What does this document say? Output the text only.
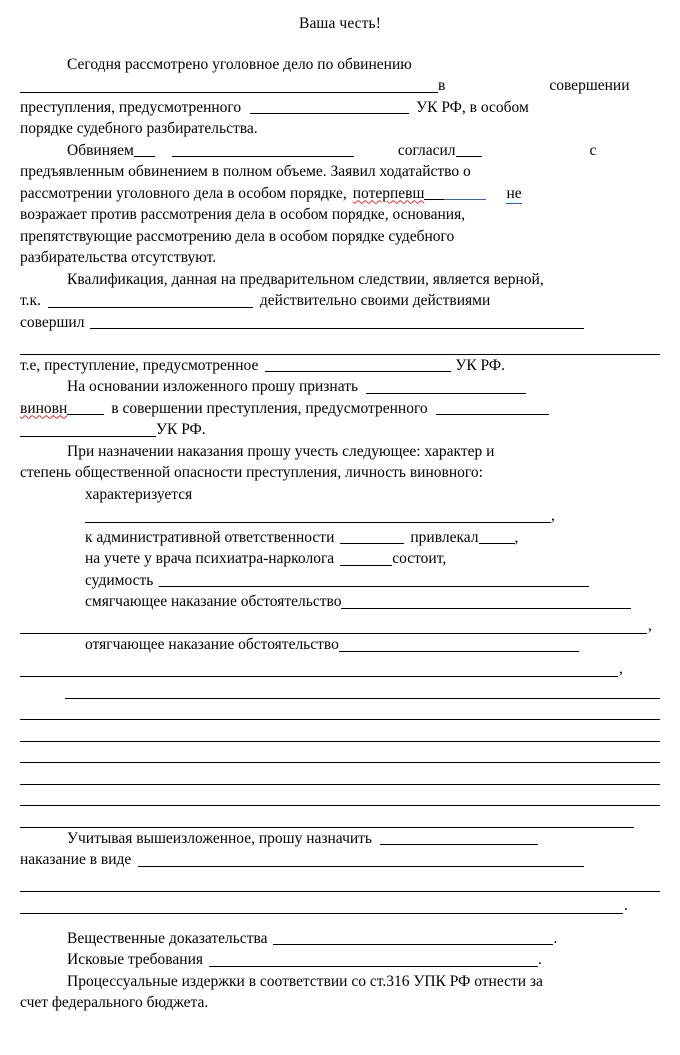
Ваша честь!
Сегодня рассмотрено уголовное дело по обвинению
в	совершении
преступления, предусмотренного	УК РФ, в особом
порядке судебного разбирательства.
Обвиняем	согласил	с
предъявленным обвинением в полном объеме. Заявил ходатайство о
рассмотрении уголовного дела в особом порядке, потерпевш	не
возражает против рассмотрения дела в особом порядке, основания,
препятствующие рассмотрению дела в особом порядке судебного
разбирательства отсутствуют.
Квалификация, данная на предварительном следствии, является верной,
т.к.	действительно своими действиями
совершил
т.е, преступление, предусмотренное	УК РФ.
На основании изложенного прошу признать
виновн	в совершении преступления, предусмотренного
УК РФ.
При назначении наказания прошу учесть следующее: характер и
степень общественной опасности преступления, личность виновного:
характеризуется,
к административной ответственности	привлекал ,
на учете у врача психиатра-нарколога	состоит,
судимость
смягчающее наказание обстоятельство
,
отягчающее наказание обстоятельство
,
Учитывая вышеизложенное, прошу назначить
наказание в виде
.
Вещественные доказательства	.
Исковые требования	.
Процессуальные издержки в соответствии со ст.316 УПК РФ отнести за
счет федерального бюджета.
